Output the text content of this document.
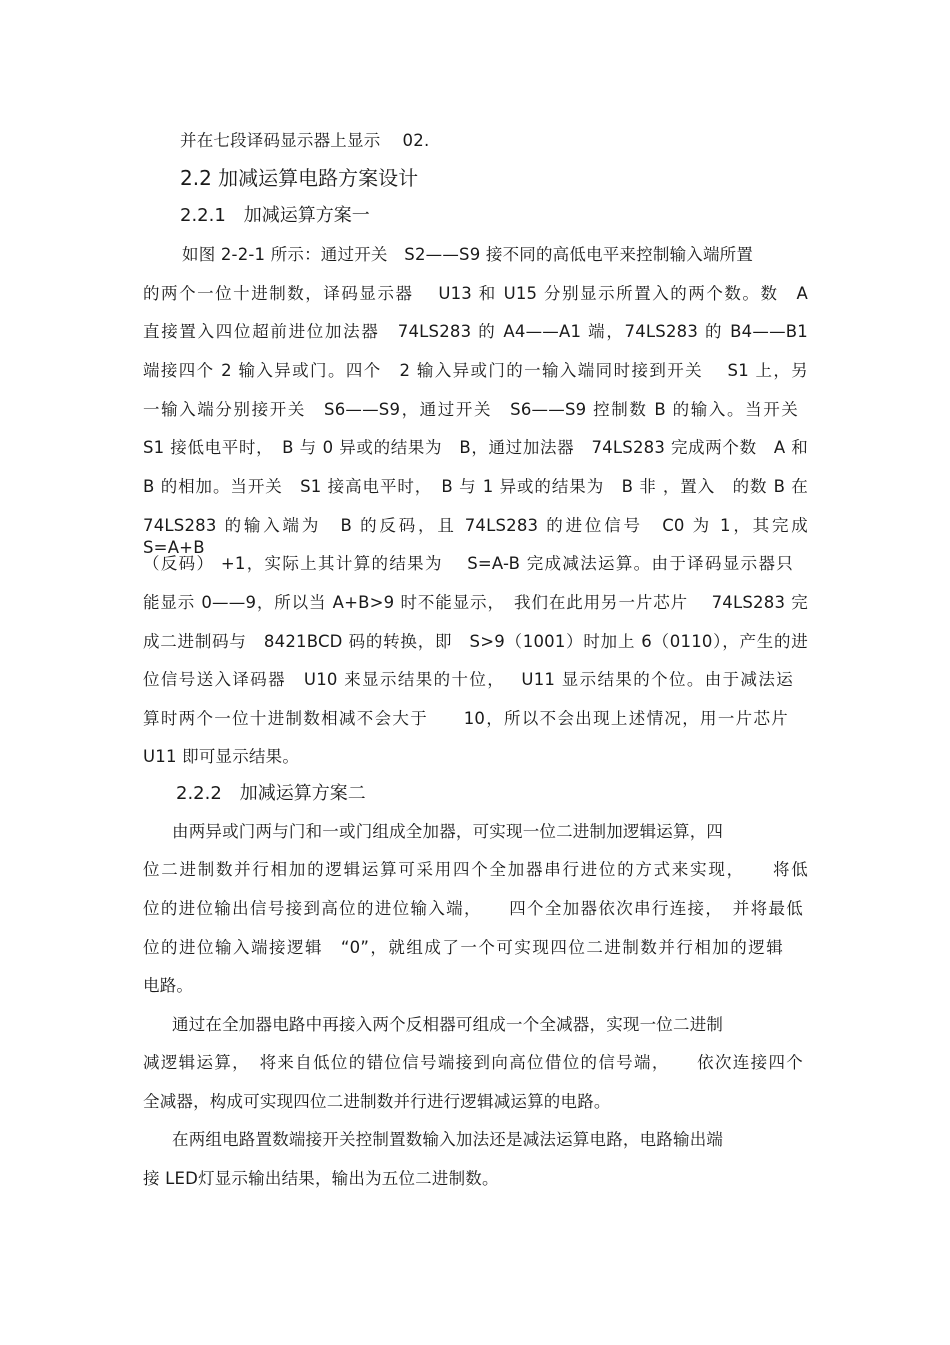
并在七段译码显示器上显示 　02.
2.2 加减运算电路方案设计
2.2.1　加减运算方案一
如图 2-2-1 所示：通过开关　S2——S9 接不同的高低电平来控制输入端所置
的两个一位十进制数，译码显示器　 U13 和 U15 分别显示所置入的两个数。数　A
直接置入四位超前进位加法器　74LS283 的 A4——A1 端，74LS283 的 B4——B1
端接四个 2 输入异或门。四个　2 输入异或门的一输入端同时接到开关　 S1 上，另
一输入端分别接开关　S6——S9，通过开关　S6——S9 控制数 B 的输入。当开关
S1 接低电平时，　B 与 0 异或的结果为　B，通过加法器　74LS283 完成两个数　A 和
B 的相加。当开关　S1 接高电平时，　B 与 1 异或的结果为　B 非 ，置入　的数 B 在
74LS283 的输入端为　B 的反码，且 74LS283 的进位信号　C0 为 1，其完成　S=A+B
（反码） +1，实际上其计算的结果为　 S=A-B 完成减法运算。由于译码显示器只
能显示 0——9，所以当 A+B>9 时不能显示，　我们在此用另一片芯片　 74LS283 完
成二进制码与　8421BCD 码的转换，即　S>9（1001）时加上 6（0110），产生的进
位信号送入译码器　U10 来显示结果的十位，　 U11 显示结果的个位。由于减法运
算时两个一位十进制数相减不会大于　　10，所以不会出现上述情况，用一片芯片
U11 即可显示结果。
2.2.2　加减运算方案二
由两异或门两与门和一或门组成全加器，可实现一位二进制加逻辑运算，四
位二进制数并行相加的逻辑运算可采用四个全加器串行进位的方式来实现，　　将低
位的进位输出信号接到高位的进位输入端，　　四个全加器依次串行连接，　并将最低
位的进位输入端接逻辑　“0”，就组成了一个可实现四位二进制数并行相加的逻辑
电路。
通过在全加器电路中再接入两个反相器可组成一个全减器，实现一位二进制
减逻辑运算，　将来自低位的错位信号端接到向高位借位的信号端，　　依次连接四个
全减器，构成可实现四位二进制数并行进行逻辑减运算的电路。
在两组电路置数端接开关控制置数输入加法还是减法运算电路，电路输出端
接 LED灯显示输出结果，输出为五位二进制数。
